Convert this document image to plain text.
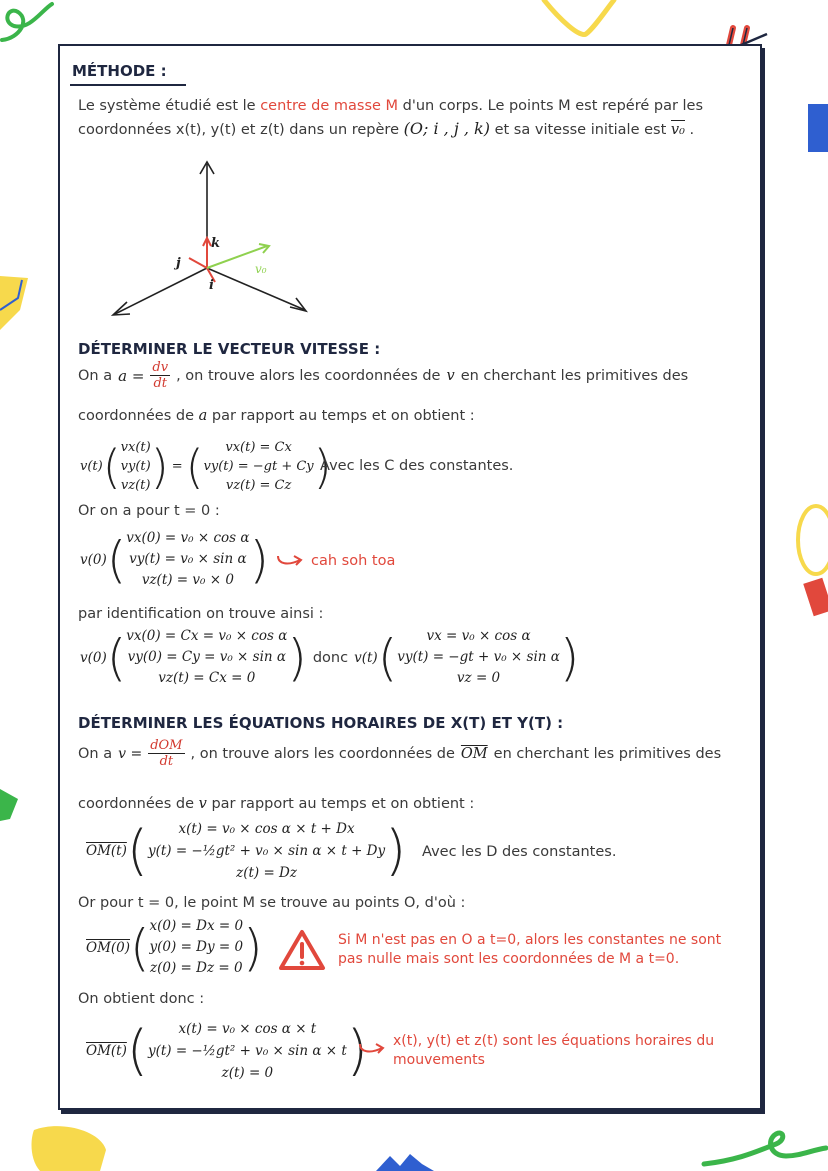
MÉTHODE :
Le système étudié est le centre de masse M d'un corps. Le points M est repéré par les
coordonnées x(t), y(t) et z(t) dans un repère (O; i , j , k) et sa vitesse initiale est v₀ .
k
j
i
v₀
DÉTERMINER LE VECTEUR VITESSE :
On a $a = \frac{dv}{dt}$ , on trouve alors les coordonnées de v en cherchant les primitives des
coordonnées de a par rapport au temps et on obtient :
v(t) ( vx(t)
vy(t)
vz(t) ) = ( vx(t) = Cx
vy(t) = −gt + Cy
vz(t) = Cz )
Avec les C des constantes.
Or on a pour t = 0 :
v(0) ( vx(0) = v₀ × cos α
vy(t) = v₀ × sin α
vz(t) = v₀ × 0 )	cah soh toa
par identification on trouve ainsi :
v(0) ( vx(0) = Cx = v₀ × cos α
vy(0) = Cy = v₀ × sin α
vz(t) = Cx = 0 ) donc v(t) ( vx = v₀ × cos α
vy(t) = −gt + v₀ × sin α
vz = 0 )
DÉTERMINER LES ÉQUATIONS HORAIRES DE X(T) ET Y(T) :
On a $v = \frac{\text{dOM}}{dt}$ , on trouve alors les coordonnées de $\overline{OM}$ en cherchant les primitives des
coordonnées de v par rapport au temps et on obtient :
OM(t) ( x(t) = v₀ × cos α × t + Dx
y(t) = −½gt² + v₀ × sin α × t + Dy
z(t) = Dz ) Avec les D des constantes.
Or pour t = 0, le point M se trouve au points O, d'où :
OM(0) ( x(0) = Dx = 0
y(0) = Dy = 0
z(0) = Dz = 0 )	Si M n'est pas en O a t=0, alors les constantes ne sont
pas nulle mais sont les coordonnées de M a t=0.
On obtient donc :
OM(t) ( x(t) = v₀ × cos α × t
y(t) = −½gt² + v₀ × sin α × t
z(t) = 0 ) x(t), y(t) et z(t) sont les équations horaires du
mouvements
